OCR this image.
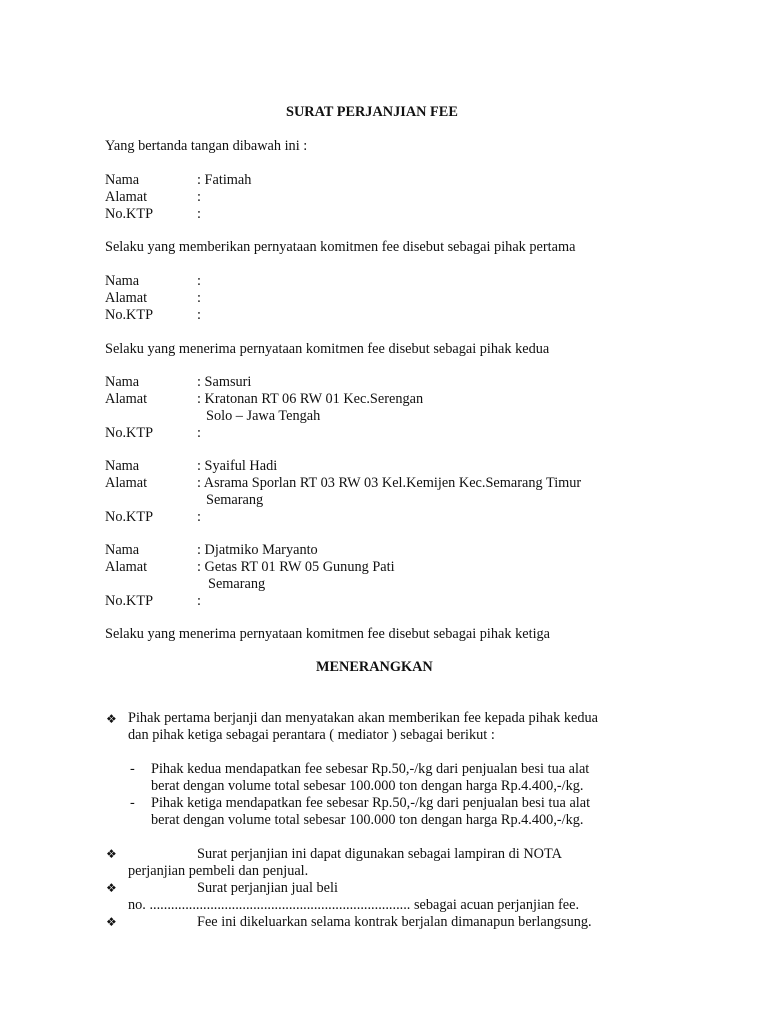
SURAT PERJANJIAN FEE
Yang bertanda tangan dibawah ini :
Nama	: Fatimah
Alamat	:
No.KTP	:
Selaku yang memberikan pernyataan komitmen fee disebut sebagai pihak pertama
Nama	:
Alamat	:
No.KTP	:
Selaku yang menerima pernyataan komitmen fee disebut sebagai pihak kedua
Nama	: Samsuri
Alamat	: Kratonan RT 06 RW 01 Kec.Serengan
Solo – Jawa Tengah
No.KTP	:
Nama	: Syaiful Hadi
Alamat	: Asrama Sporlan RT 03 RW 03 Kel.Kemijen Kec.Semarang Timur
Semarang
No.KTP	:
Nama	: Djatmiko Maryanto
Alamat	: Getas RT 01 RW 05 Gunung Pati
Semarang
No.KTP	:
Selaku yang menerima pernyataan komitmen fee disebut sebagai pihak ketiga
MENERANGKAN
❖ Pihak pertama berjanji dan menyatakan akan memberikan fee kepada pihak kedua
dan pihak ketiga sebagai perantara ( mediator ) sebagai berikut :
- Pihak kedua mendapatkan fee sebesar Rp.50,-/kg dari penjualan besi tua alat
berat dengan volume total sebesar 100.000 ton dengan harga Rp.4.400,-/kg.
- Pihak ketiga mendapatkan fee sebesar Rp.50,-/kg dari penjualan besi tua alat
berat dengan volume total sebesar 100.000 ton dengan harga Rp.4.400,-/kg.
❖	Surat perjanjian ini dapat digunakan sebagai lampiran di NOTA
perjanjian pembeli dan penjual.
❖	Surat perjanjian jual beli
no. ......................................................................... sebagai acuan perjanjian fee.
❖	Fee ini dikeluarkan selama kontrak berjalan dimanapun berlangsung.
